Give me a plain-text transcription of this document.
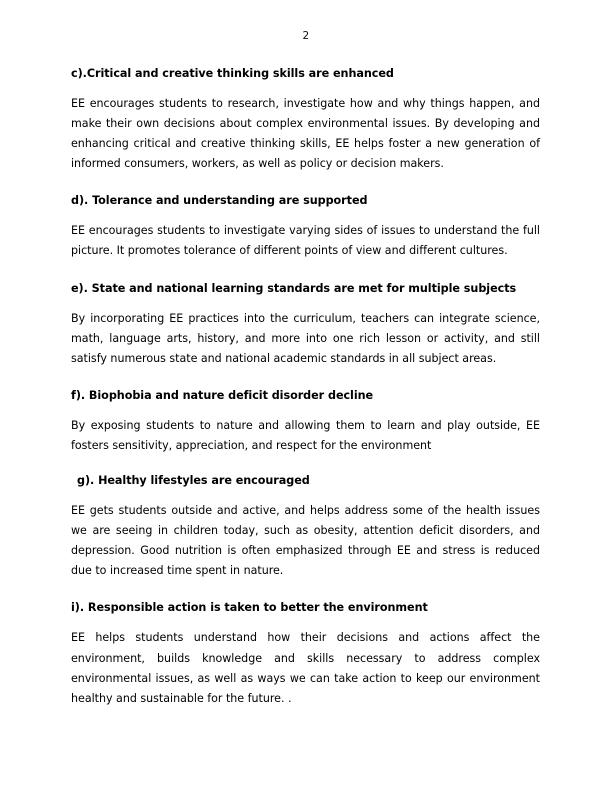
2
c).Critical and creative thinking skills are enhanced

EE encourages students to research, investigate how and why things happen, and make their own decisions about complex environmental issues. By developing and enhancing critical and creative thinking skills, EE helps foster a new generation of informed consumers, workers, as well as policy or decision makers.

d). Tolerance and understanding are supported

EE encourages students to investigate varying sides of issues to understand the full picture. It promotes tolerance of different points of view and different cultures.

e). State and national learning standards are met for multiple subjects

By incorporating EE practices into the curriculum, teachers can integrate science, math, language arts, history, and more into one rich lesson or activity, and still satisfy numerous state and national academic standards in all subject areas.

f). Biophobia and nature deficit disorder decline

By exposing students to nature and allowing them to learn and play outside, EE fosters sensitivity, appreciation, and respect for the environment

g). Healthy lifestyles are encouraged

EE gets students outside and active, and helps address some of the health issues we are seeing in children today, such as obesity, attention deficit disorders, and depression. Good nutrition is often emphasized through EE and stress is reduced due to increased time spent in nature.

i). Responsible action is taken to better the environment

EE helps students understand how their decisions and actions affect the environment, builds knowledge and skills necessary to address complex environmental issues, as well as ways we can take action to keep our environment healthy and sustainable for the future. .
